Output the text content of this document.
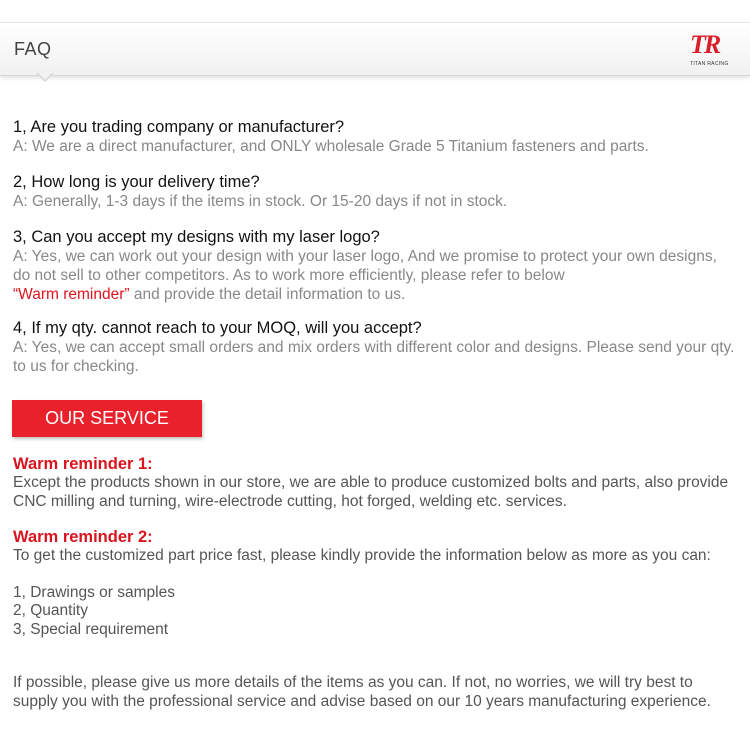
FAQ	TR
TITAN RACING
1, Are you trading company or manufacturer?
A: We are a direct manufacturer, and ONLY wholesale Grade 5 Titanium fasteners and parts.
2, How long is your delivery time?
A: Generally, 1-3 days if the items in stock. Or 15-20 days if not in stock.
3, Can you accept my designs with my laser logo?
A: Yes, we can work out your design with your laser logo, And we promise to protect your own designs, do not sell to other competitors. As to work more efficiently, please refer to below
“Warm reminder” and provide the detail information to us.
4, If my qty. cannot reach to your MOQ, will you accept?
A: Yes, we can accept small orders and mix orders with different color and designs. Please send your qty. to us for checking.
OUR SERVICE
Warm reminder 1:
Except the products shown in our store, we are able to produce customized bolts and parts, also provide CNC milling and turning, wire-electrode cutting, hot forged, welding etc. services.
Warm reminder 2:
To get the customized part price fast, please kindly provide the information below as more as you can:
1, Drawings or samples
2, Quantity
3, Special requirement
If possible, please give us more details of the items as you can. If not, no worries, we will try best to supply you with the professional service and advise based on our 10 years manufacturing experience.
